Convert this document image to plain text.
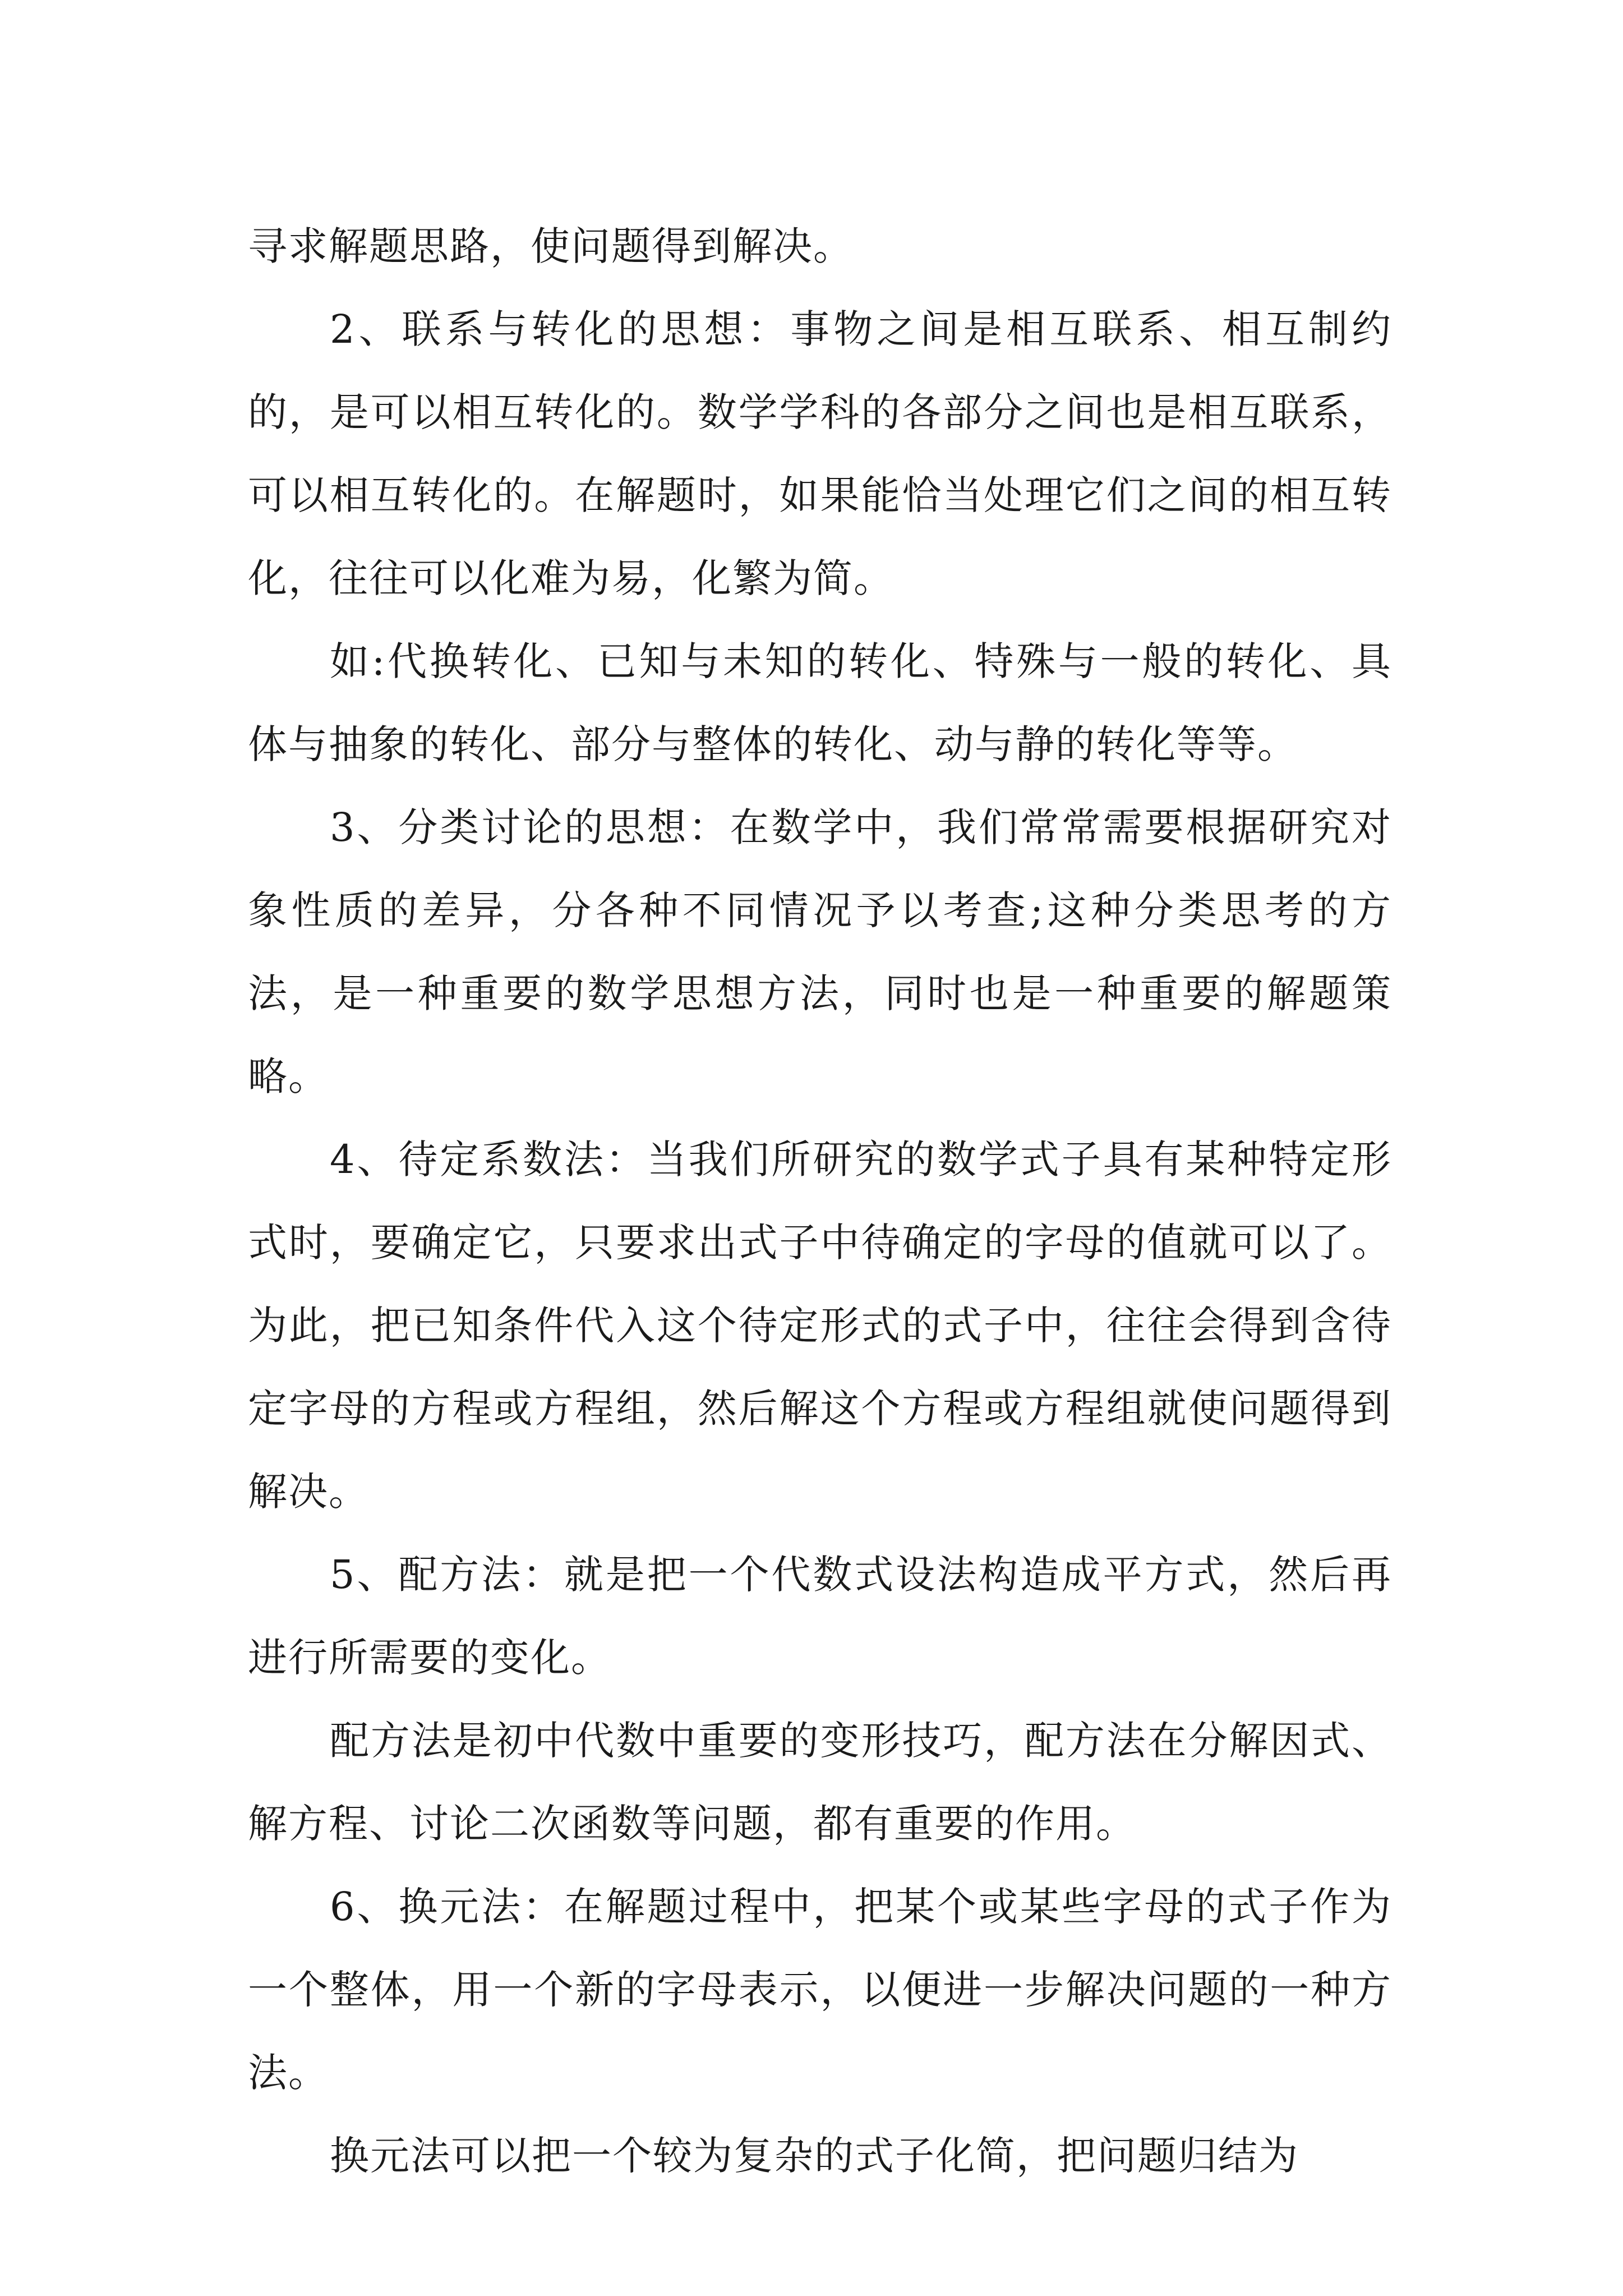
寻求解题思路，使问题得到解决。

2、联系与转化的思想：事物之间是相互联系、相互制约的，是可以相互转化的。数学学科的各部分之间也是相互联系，可以相互转化的。在解题时，如果能恰当处理它们之间的相互转化，往往可以化难为易，化繁为简。

如:代换转化、已知与未知的转化、特殊与一般的转化、具体与抽象的转化、部分与整体的转化、动与静的转化等等。

3、分类讨论的思想：在数学中，我们常常需要根据研究对象性质的差异，分各种不同情况予以考查;这种分类思考的方法，是一种重要的数学思想方法，同时也是一种重要的解题策略。

4、待定系数法：当我们所研究的数学式子具有某种特定形式时，要确定它，只要求出式子中待确定的字母的值就可以了。为此，把已知条件代入这个待定形式的式子中，往往会得到含待定字母的方程或方程组，然后解这个方程或方程组就使问题得到解决。

5、配方法：就是把一个代数式设法构造成平方式，然后再进行所需要的变化。

配方法是初中代数中重要的变形技巧，配方法在分解因式、解方程、讨论二次函数等问题，都有重要的作用。

6、换元法：在解题过程中，把某个或某些字母的式子作为一个整体，用一个新的字母表示，以便进一步解决问题的一种方法。

换元法可以把一个较为复杂的式子化简，把问题归结为
